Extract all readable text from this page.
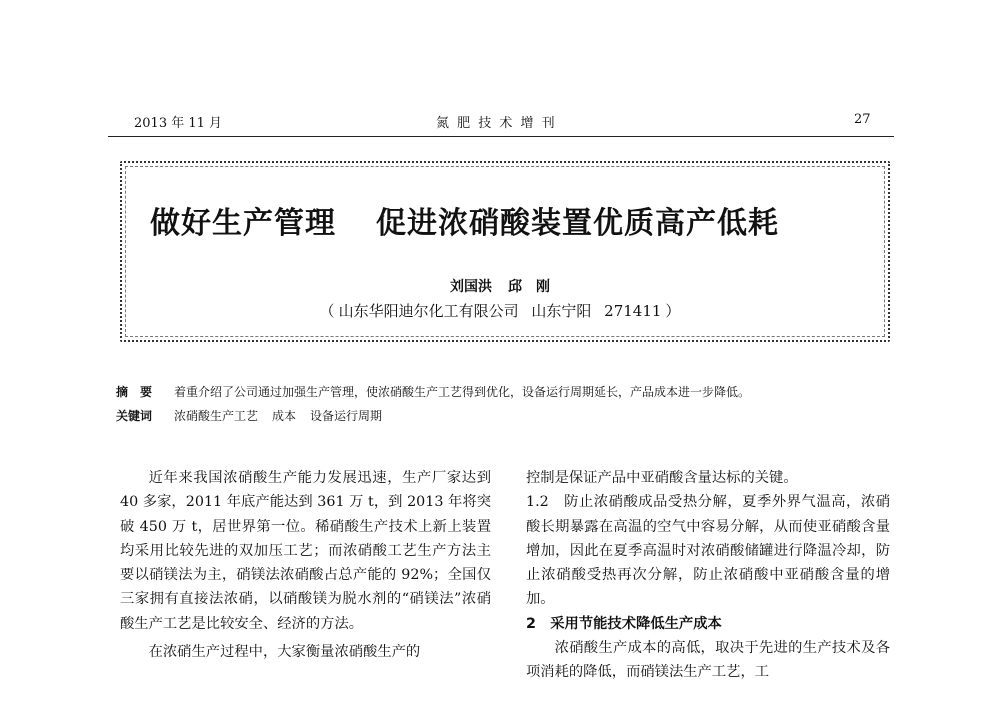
2013 年 11 月	氮 肥 技 术 增 刊	27
做好生产管理 促进浓硝酸装置优质高产低耗
刘国洪 邱　刚
（ 山东华阳迪尔化工有限公司 山东宁阳 271411 ）
摘　要 着重介绍了公司通过加强生产管理，使浓硝酸生产工艺得到优化，设备运行周期延长，产品成本进一步降低。
关键词 浓硝酸生产工艺 成本 设备运行周期

近年来我国浓硝酸生产能力发展迅速，生产厂家达到 40 多家，2011 年底产能达到 361 万 t，到 2013 年将突破 450 万 t，居世界第一位。稀硝酸生产技术上新上装置均采用比较先进的双加压工艺；而浓硝酸工艺生产方法主要以硝镁法为主，硝镁法浓硝酸占总产能的 92%；全国仅三家拥有直接法浓硝，以硝酸镁为脱水剂的“硝镁法”浓硝酸生产工艺是比较安全、经济的方法。

在浓硝生产过程中，大家衡量浓硝酸生产的

控制是保证产品中亚硝酸含量达标的关键。

1.2　防止浓硝酸成品受热分解，夏季外界气温高，浓硝酸长期暴露在高温的空气中容易分解，从而使亚硝酸含量增加，因此在夏季高温时对浓硝酸储罐进行降温冷却，防止浓硝酸受热再次分解，防止浓硝酸中亚硝酸含量的增加。

2　采用节能技术降低生产成本

浓硝酸生产成本的高低，取决于先进的生产技术及各项消耗的降低，而硝镁法生产工艺，工
